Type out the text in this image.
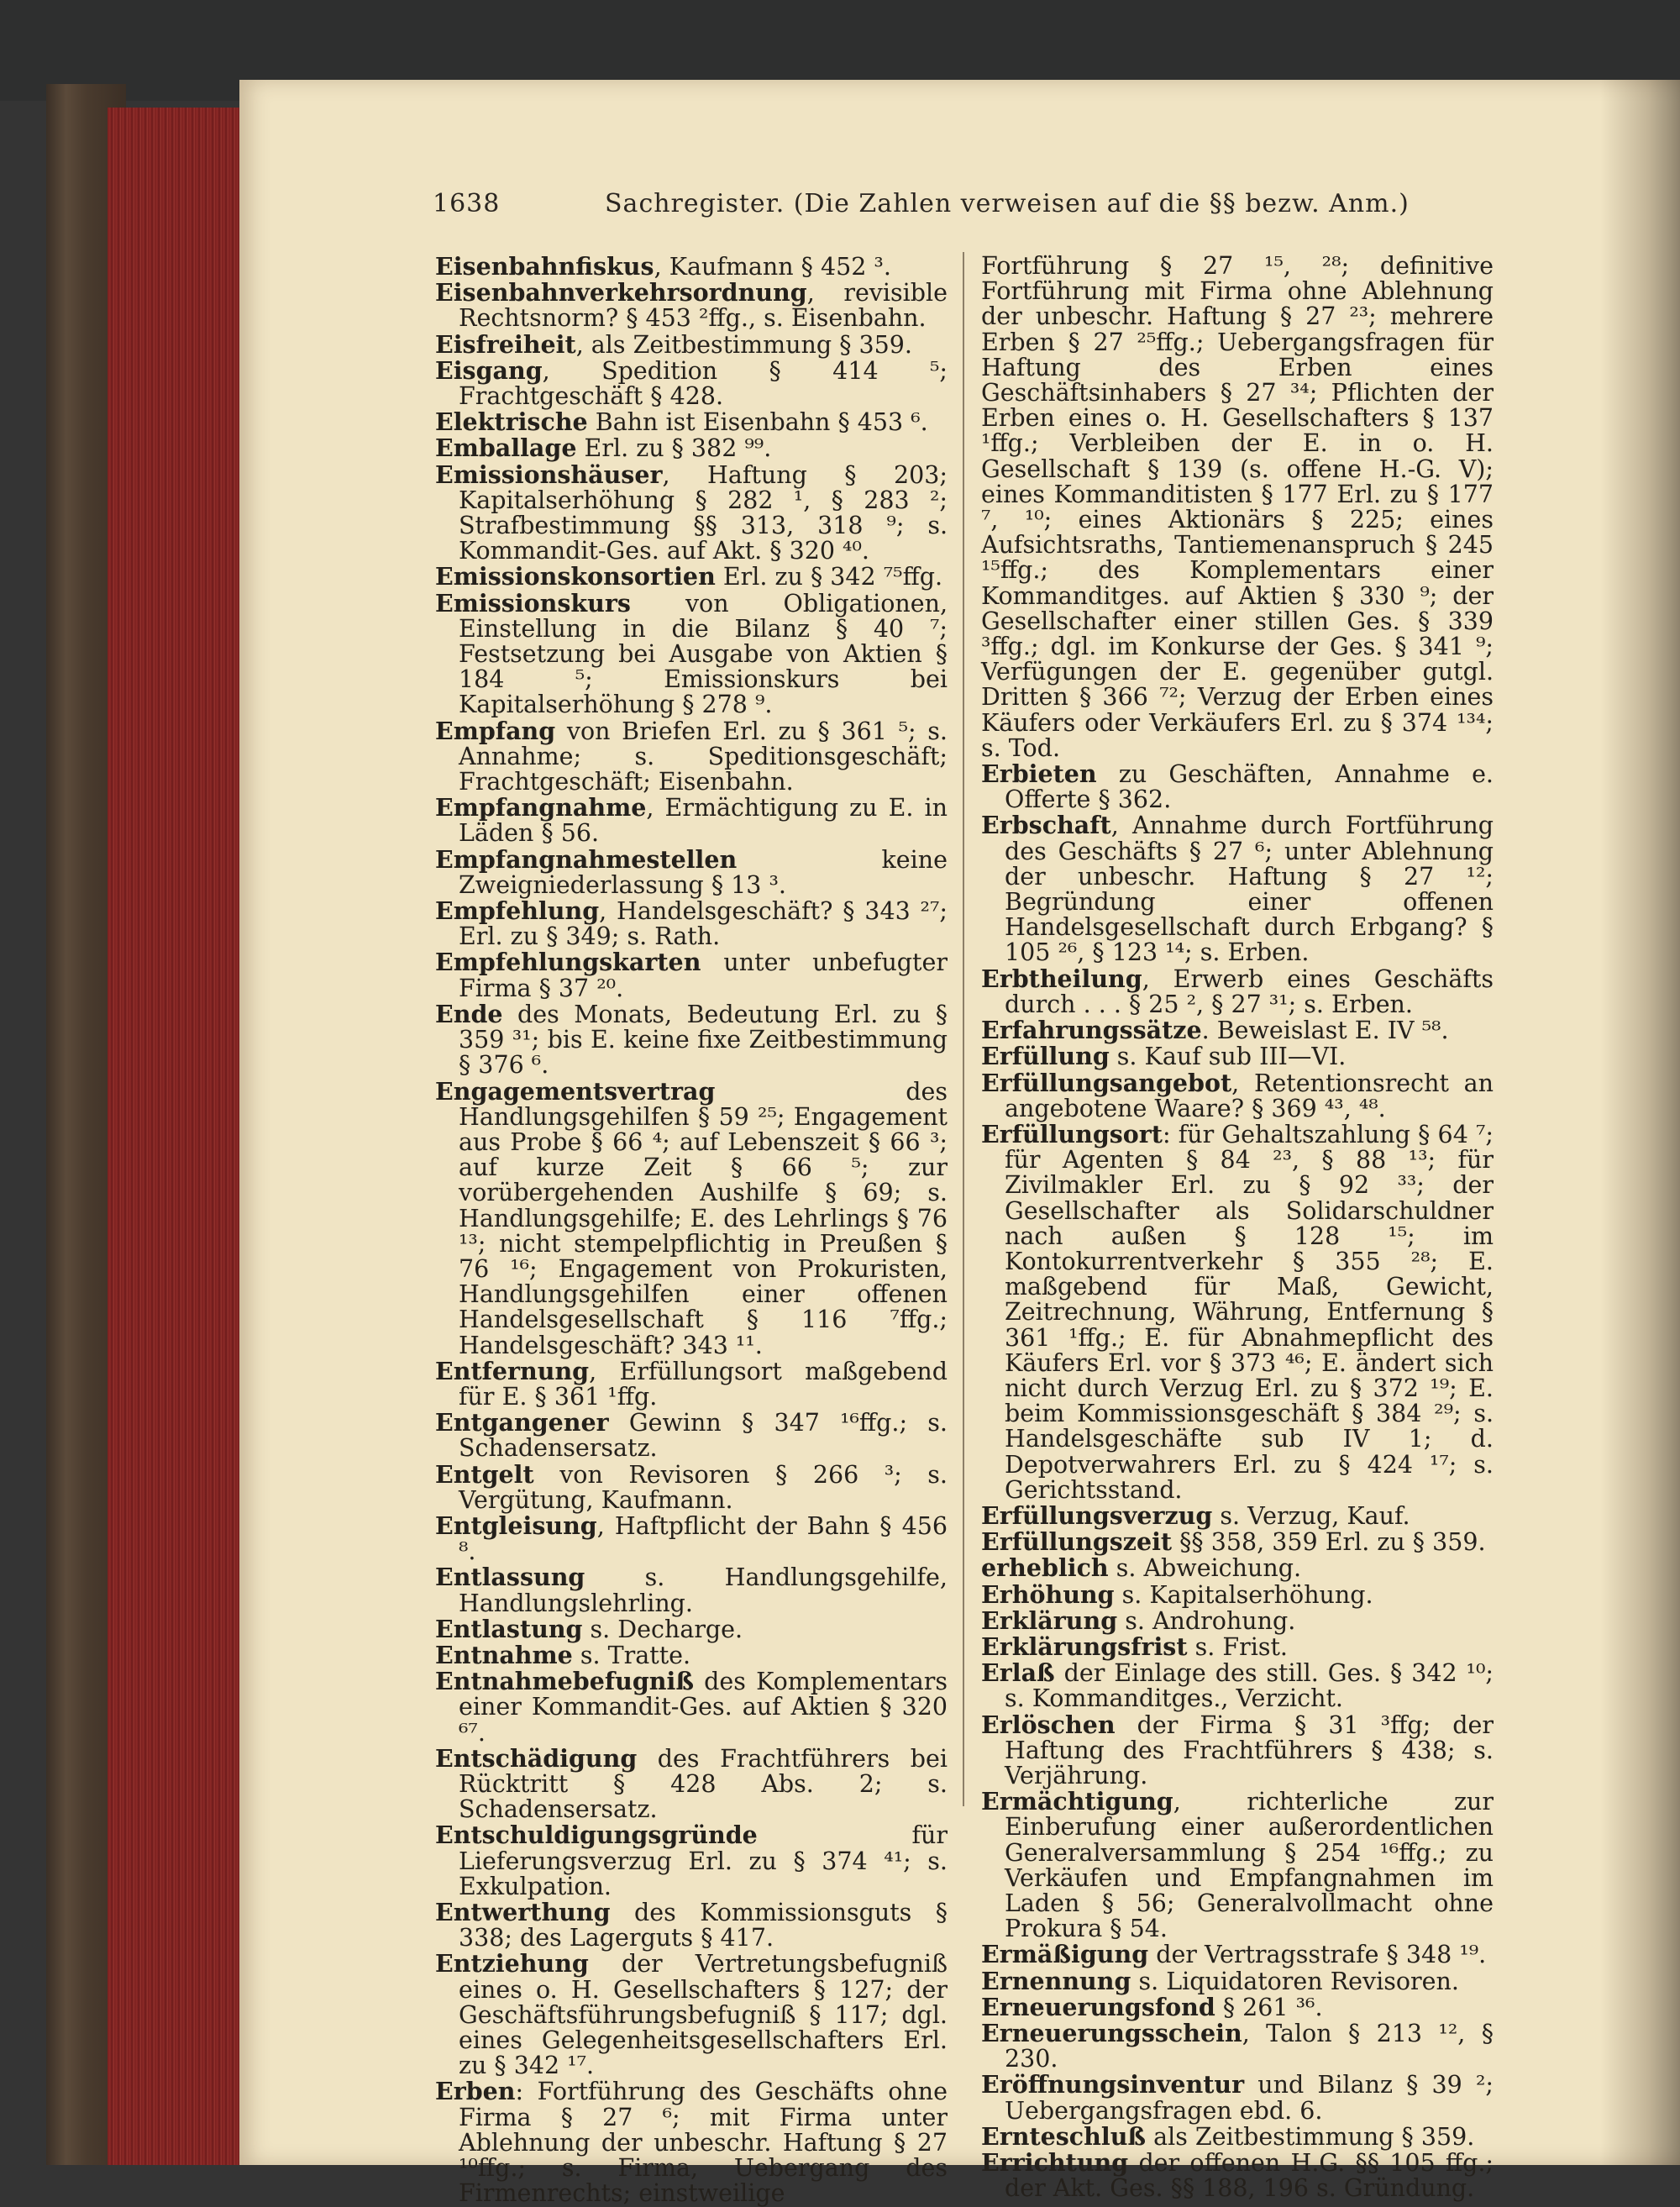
1638	Sachregister. (Die Zahlen verweisen auf die §§ bezw. Anm.)

Eisenbahnfiskus, Kaufmann § 452 ³.

Eisenbahnverkehrsordnung, revisible Rechtsnorm? § 453 ²ffg., s. Eisenbahn.

Eisfreiheit, als Zeitbestimmung § 359.

Eisgang, Spedition § 414 ⁵; Frachtgeschäft § 428.

Elektrische Bahn ist Eisenbahn § 453 ⁶.

Emballage Erl. zu § 382 ⁹⁹.

Emissionshäuser, Haftung § 203; Kapitalserhöhung § 282 ¹, § 283 ²; Strafbestimmung §§ 313, 318 ⁹; s. Kommandit-Ges. auf Akt. § 320 ⁴⁰.

Emissionskonsortien Erl. zu § 342 ⁷⁵ffg.

Emissionskurs von Obligationen, Einstellung in die Bilanz § 40 ⁷; Festsetzung bei Ausgabe von Aktien § 184 ⁵; Emissionskurs bei Kapitalserhöhung § 278 ⁹.

Empfang von Briefen Erl. zu § 361 ⁵; s. Annahme; s. Speditionsgeschäft; Frachtgeschäft; Eisenbahn.

Empfangnahme, Ermächtigung zu E. in Läden § 56.

Empfangnahmestellen keine Zweigniederlassung § 13 ³.

Empfehlung, Handelsgeschäft? § 343 ²⁷; Erl. zu § 349; s. Rath.

Empfehlungskarten unter unbefugter Firma § 37 ²⁰.

Ende des Monats, Bedeutung Erl. zu § 359 ³¹; bis E. keine fixe Zeitbestimmung § 376 ⁶.

Engagementsvertrag des Handlungsgehilfen § 59 ²⁵; Engagement aus Probe § 66 ⁴; auf Lebenszeit § 66 ³; auf kurze Zeit § 66 ⁵; zur vorübergehenden Aushilfe § 69; s. Handlungsgehilfe; E. des Lehrlings § 76 ¹³; nicht stempelpflichtig in Preußen § 76 ¹⁶; Engagement von Prokuristen, Handlungsgehilfen einer offenen Handelsgesellschaft § 116 ⁷ffg.; Handelsgeschäft? 343 ¹¹.

Entfernung, Erfüllungsort maßgebend für E. § 361 ¹ffg.

Entgangener Gewinn § 347 ¹⁶ffg.; s. Schadensersatz.

Entgelt von Revisoren § 266 ³; s. Vergütung, Kaufmann.

Entgleisung, Haftpflicht der Bahn § 456 ⁸.

Entlassung s. Handlungsgehilfe, Handlungslehrling.

Entlastung s. Decharge.

Entnahme s. Tratte.

Entnahmebefugniß des Komplementars einer Kommandit-Ges. auf Aktien § 320 ⁶⁷.

Entschädigung des Frachtführers bei Rücktritt § 428 Abs. 2; s. Schadensersatz.

Entschuldigungsgründe für Lieferungsverzug Erl. zu § 374 ⁴¹; s. Exkulpation.

Entwerthung des Kommissionsguts § 338; des Lagerguts § 417.

Entziehung der Vertretungsbefugniß eines o. H. Gesellschafters § 127; der Geschäftsführungsbefugniß § 117; dgl. eines Gelegenheitsgesellschafters Erl. zu § 342 ¹⁷.

Erben: Fortführung des Geschäfts ohne Firma § 27 ⁶; mit Firma unter Ablehnung der unbeschr. Haftung § 27 ¹⁰ffg.; s. Firma, Uebergang des Firmenrechts; einstweilige

Fortführung § 27 ¹⁵, ²⁸; definitive Fortführung mit Firma ohne Ablehnung der unbeschr. Haftung § 27 ²³; mehrere Erben § 27 ²⁵ffg.; Uebergangsfragen für Haftung des Erben eines Geschäftsinhabers § 27 ³⁴; Pflichten der Erben eines o. H. Gesellschafters § 137 ¹ffg.; Verbleiben der E. in o. H. Gesellschaft § 139 (s. offene H.-G. V); eines Kommanditisten § 177 Erl. zu § 177 ⁷, ¹⁰; eines Aktionärs § 225; eines Aufsichtsraths, Tantiemenanspruch § 245 ¹⁵ffg.; des Komplementars einer Kommanditges. auf Aktien § 330 ⁹; der Gesellschafter einer stillen Ges. § 339 ³ffg.; dgl. im Konkurse der Ges. § 341 ⁹; Verfügungen der E. gegenüber gutgl. Dritten § 366 ⁷²; Verzug der Erben eines Käufers oder Verkäufers Erl. zu § 374 ¹³⁴; s. Tod.

Erbieten zu Geschäften, Annahme e. Offerte § 362.

Erbschaft, Annahme durch Fortführung des Geschäfts § 27 ⁶; unter Ablehnung der unbeschr. Haftung § 27 ¹²; Begründung einer offenen Handelsgesellschaft durch Erbgang? § 105 ²⁶, § 123 ¹⁴; s. Erben.

Erbtheilung, Erwerb eines Geschäfts durch . . . § 25 ², § 27 ³¹; s. Erben.

Erfahrungssätze. Beweislast E. IV ⁵⁸.

Erfüllung s. Kauf sub III—VI.

Erfüllungsangebot, Retentionsrecht an angebotene Waare? § 369 ⁴³, ⁴⁸.

Erfüllungsort: für Gehaltszahlung § 64 ⁷; für Agenten § 84 ²³, § 88 ¹³; für Zivilmakler Erl. zu § 92 ³³; der Gesellschafter als Solidarschuldner nach außen § 128 ¹⁵; im Kontokurrentverkehr § 355 ²⁸; E. maßgebend für Maß, Gewicht, Zeitrechnung, Währung, Entfernung § 361 ¹ffg.; E. für Abnahmepflicht des Käufers Erl. vor § 373 ⁴⁶; E. ändert sich nicht durch Verzug Erl. zu § 372 ¹⁹; E. beim Kommissionsgeschäft § 384 ²⁹; s. Handelsgeschäfte sub IV 1; d. Depotverwahrers Erl. zu § 424 ¹⁷; s. Gerichtsstand.

Erfüllungsverzug s. Verzug, Kauf.

Erfüllungszeit §§ 358, 359 Erl. zu § 359.

erheblich s. Abweichung.

Erhöhung s. Kapitalserhöhung.

Erklärung s. Androhung.

Erklärungsfrist s. Frist.

Erlaß der Einlage des still. Ges. § 342 ¹⁰; s. Kommanditges., Verzicht.

Erlöschen der Firma § 31 ³ffg; der Haftung des Frachtführers § 438; s. Verjährung.

Ermächtigung, richterliche zur Einberufung einer außerordentlichen Generalversammlung § 254 ¹⁶ffg.; zu Verkäufen und Empfangnahmen im Laden § 56; Generalvollmacht ohne Prokura § 54.

Ermäßigung der Vertragsstrafe § 348 ¹⁹.

Ernennung s. Liquidatoren Revisoren.

Erneuerungsfond § 261 ³⁶.

Erneuerungsschein, Talon § 213 ¹², § 230.

Eröffnungsinventur und Bilanz § 39 ²; Uebergangsfragen ebd. 6.

Ernteschluß als Zeitbestimmung § 359.

Errichtung der offenen H.G. §§ 105 ffg.; der Akt. Ges. §§ 188, 196 s. Gründung.
